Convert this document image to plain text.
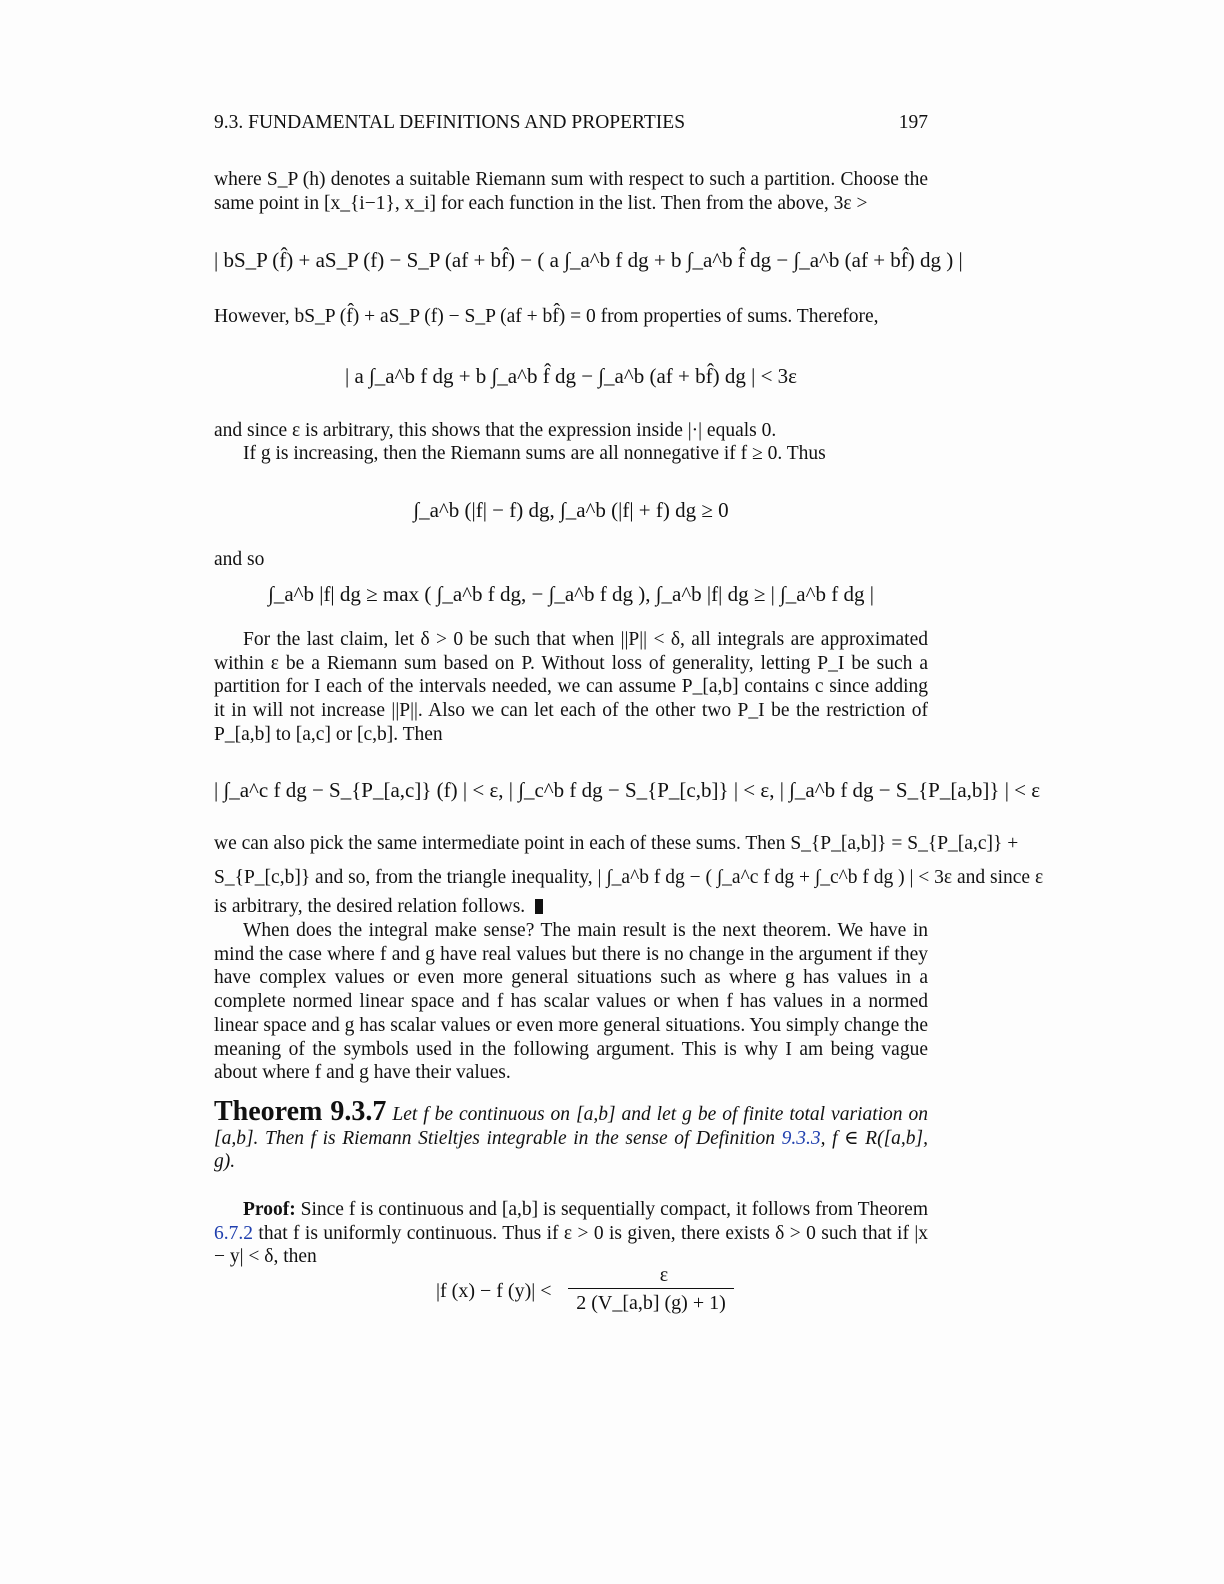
9.3. FUNDAMENTAL DEFINITIONS AND PROPERTIES	197
where S_P (h) denotes a suitable Riemann sum with respect to such a partition. Choose the same point in [x_{i−1}, x_i] for each function in the list. Then from the above, 3ε >
| bS_P (f̂) + aS_P (f) − S_P (af + bf̂) − ( a ∫_a^b f dg + b ∫_a^b f̂ dg − ∫_a^b (af + bf̂) dg ) |
However, bS_P (f̂) + aS_P (f) − S_P (af + bf̂) = 0 from properties of sums. Therefore,
| a ∫_a^b f dg + b ∫_a^b f̂ dg − ∫_a^b (af + bf̂) dg | < 3ε
and since ε is arbitrary, this shows that the expression inside |·| equals 0.
If g is increasing, then the Riemann sums are all nonnegative if f ≥ 0. Thus
∫_a^b (|f| − f) dg, ∫_a^b (|f| + f) dg ≥ 0
and so
∫_a^b |f| dg ≥ max ( ∫_a^b f dg, − ∫_a^b f dg ), ∫_a^b |f| dg ≥ | ∫_a^b f dg |
For the last claim, let δ > 0 be such that when ||P|| < δ, all integrals are approximated within ε be a Riemann sum based on P. Without loss of generality, letting P_I be such a partition for I each of the intervals needed, we can assume P_[a,b] contains c since adding it in will not increase ||P||. Also we can let each of the other two P_I be the restriction of P_[a,b] to [a,c] or [c,b]. Then
| ∫_a^c f dg − S_{P_[a,c]} (f) | < ε, | ∫_c^b f dg − S_{P_[c,b]} | < ε, | ∫_a^b f dg − S_{P_[a,b]} | < ε
we can also pick the same intermediate point in each of these sums. Then S_{P_[a,b]} = S_{P_[a,c]} +
S_{P_[c,b]} and so, from the triangle inequality, | ∫_a^b f dg − ( ∫_a^c f dg + ∫_c^b f dg ) | < 3ε and since ε
is arbitrary, the desired relation follows.
When does the integral make sense? The main result is the next theorem. We have in mind the case where f and g have real values but there is no change in the argument if they have complex values or even more general situations such as where g has values in a complete normed linear space and f has scalar values or when f has values in a normed linear space and g has scalar values or even more general situations. You simply change the meaning of the symbols used in the following argument. This is why I am being vague about where f and g have their values.
Theorem 9.3.7 Let f be continuous on [a,b] and let g be of finite total variation on [a,b]. Then f is Riemann Stieltjes integrable in the sense of Definition 9.3.3, f ∈ R([a,b], g).
Proof: Since f is continuous and [a,b] is sequentially compact, it follows from Theorem 6.7.2 that f is uniformly continuous. Thus if ε > 0 is given, there exists δ > 0 such that if |x − y| < δ, then
|f (x) − f (y)| <
ε
2 (V_[a,b] (g) + 1)
